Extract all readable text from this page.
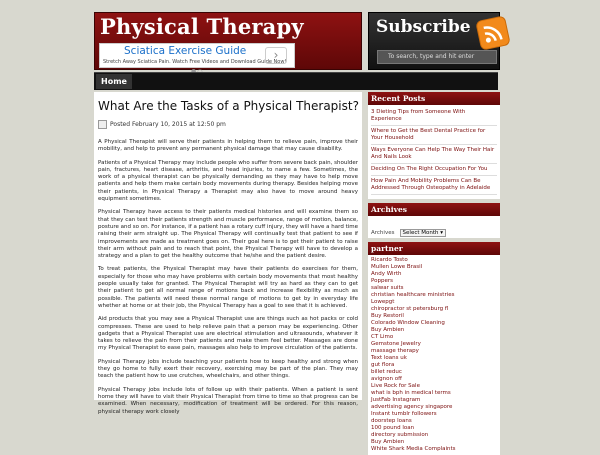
Physical Therapy
Sciatica Exercise Guide
Stretch Away Sciatica Pain. Watch Free Videos and Download Guide Now!
›
Subscribe
To search, type and hit enter
Home
What Are the Tasks of a Physical Therapist?
Posted February 10, 2015 at 12:50 pm

A Physical Therapist will serve their patients in helping them to relieve pain, improve their mobility, and help to prevent any permanent physical damage that may cause disability.

Patients of a Physical Therapy may include people who suffer from severe back pain, shoulder pain, fractures, heart disease, arthritis, and head injuries, to name a few. Sometimes, the work of a physical therapist can be physically demanding as they may have to help move patients and help them make certain body movements during therapy. Besides helping move their patients, in Physical Therapy a Therapist may also have to move around heavy equipment sometimes.

Physical Therapy have access to their patients medical histories and will examine them so that they can test their patients strength and muscle performance, range of motion, balance, posture and so on. For instance, if a patient has a rotary cuff injury, they will have a hard time raising their arm straight up. The Physical Therapy will continually test that patient to see if improvements are made as treatment goes on. Their goal here is to get their patient to raise their arm without pain and to reach that point, the Physical Therapy will have to develop a strategy and a plan to get the healthy outcome that he/she and the patient desire.

To treat patients, the Physical Therapist may have their patients do exercises for them, especially for those who may have problems with certain body movements that most healthy people usually take for granted. The Physical Therapist will try as hard as they can to get their patient to get all normal range of motions back and increase flexibility as much as possible. The patients will need these normal range of motions to get by in everyday life whether at home or at their job, the Physical Therapy has a goal to see that it is achieved.

Aid products that you may see a Physical Therapist use are things such as hot packs or cold compresses. These are used to help relieve pain that a person may be experiencing. Other gadgets that a Physical Therapist use are electrical stimulation and ultrasounds, whatever it takes to relieve the pain from their patients and make them feel better. Massages are done my Physical Therapist to ease pain, massages also help to improve circulation of the patients.

Physical Therapy jobs include teaching your patients how to keep healthy and strong when they go home to fully exert their recovery, exercising may be part of the plan. They may teach the patient how to use crutches, wheelchairs, and other things.

Physical Therapy jobs include lots of follow up with their patients. When a patient is sent home they will have to visit their Physical Therapist from time to time so that progress can be examined. When necessary, modification of treatment will be ordered. For this reason, physical therapy work closely

Recent Posts
3 Dieting Tips from Someone With Experience
Where to Get the Best Dental Practice for Your Household
Ways Everyone Can Help The Way Their Hair And Nails Look
Deciding On The Right Occupation For You
How Pain And Mobility Problems Can Be Addressed Through Osteopathy in Adelaide
Archives
Archives Select Month ▾
partner
Ricardo Tosto
Mullen Lowe Brasil
Andy Wirth
Poppers
salwar suits
christian healthcare ministries
Lowepgt
chiropractor st petersburg fl
Buy Restoril
Colorado Window Cleaning
Buy Ambien
CT Limo
Gemstone Jewelry
massage therapy
Text loans uk
gut flora
billet reduc
avignon off
Live Rock for Sale
what is bph in medical terms
JustFab Instagram
advertising agency singapore
Instant tumblr followers
doorstep loans
100 pound loan
directory submission
Buy Ambien
White Shark Media Complaints
